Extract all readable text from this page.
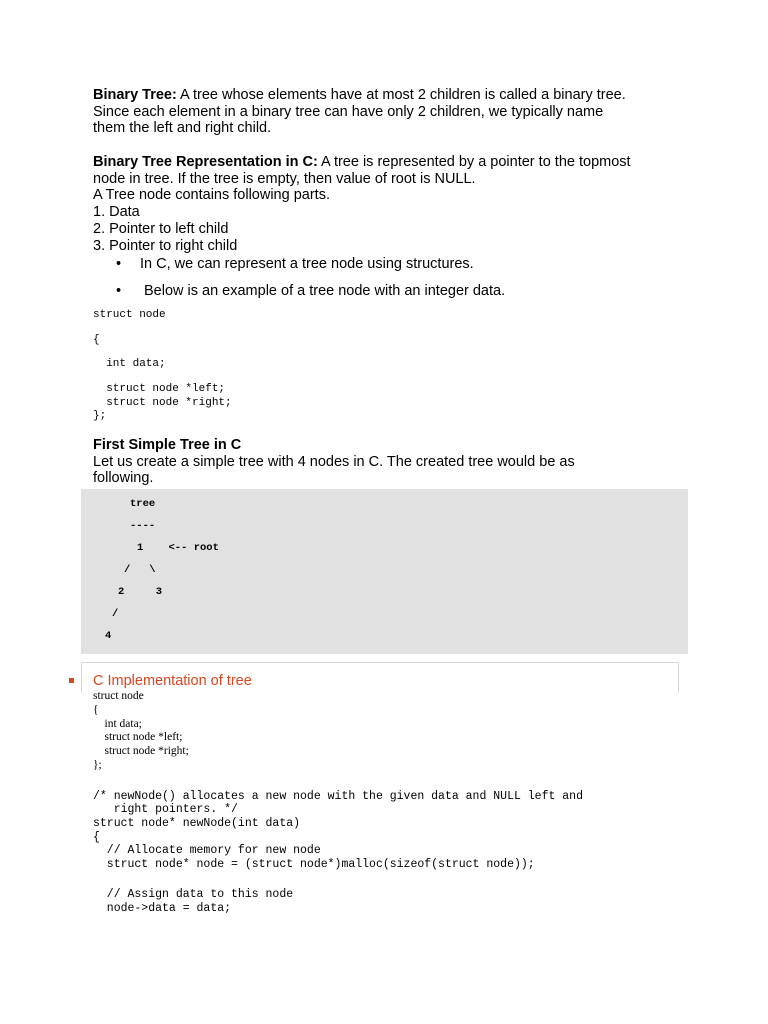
Binary Tree: A tree whose elements have at most 2 children is called a binary tree.
Since each element in a binary tree can have only 2 children, we typically name
them the left and right child.
Binary Tree Representation in C: A tree is represented by a pointer to the topmost
node in tree. If the tree is empty, then value of root is NULL.
A Tree node contains following parts.
1. Data
2. Pointer to left child
3. Pointer to right child
• In C, we can represent a tree node using structures.
• Below is an example of a tree node with an integer data.
struct node
{
int data;
struct node *left;
struct node *right;
};
First Simple Tree in C
Let us create a simple tree with 4 nodes in C. The created tree would be as
following.
tree
----
1    <-- root
/   \
2     3
/
4
C Implementation of tree
struct node
{
int data;
struct node *left;
struct node *right;
};
/* newNode() allocates a new node with the given data and NULL left and
right pointers. */
struct node* newNode(int data)
{
// Allocate memory for new node
struct node* node = (struct node*)malloc(sizeof(struct node));
// Assign data to this node
node->data = data;
